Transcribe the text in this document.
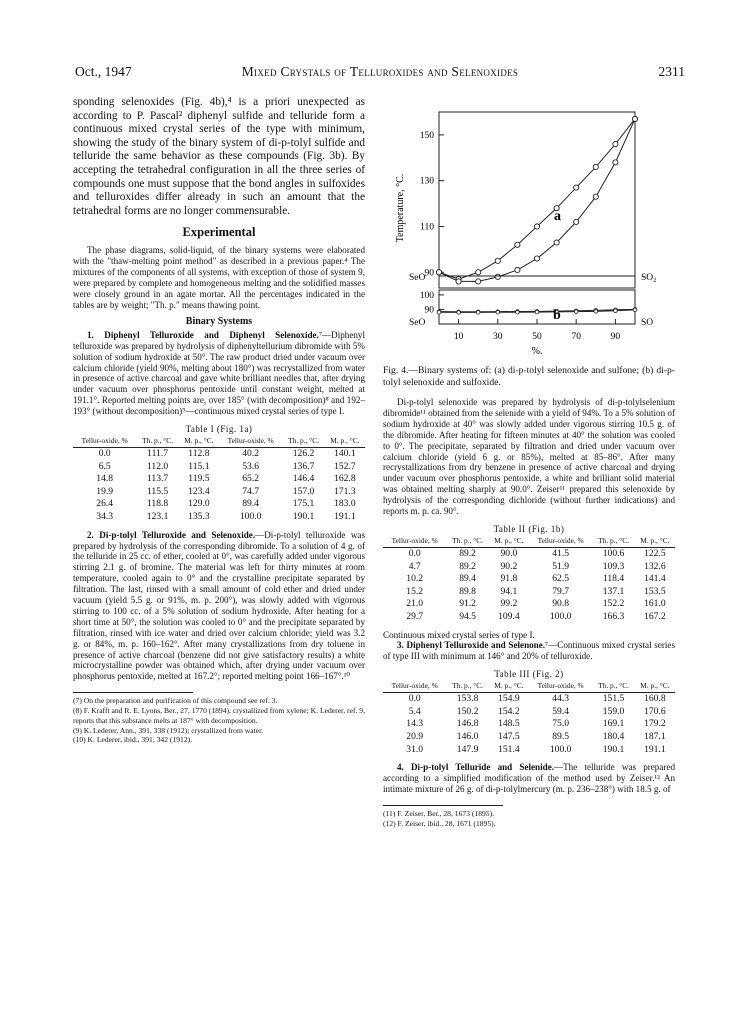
Oct., 1947	Mixed Crystals of Telluroxides and Selenoxides	2311

sponding selenoxides (Fig. 4b),⁴ is a priori unexpected as according to P. Pascal² diphenyl sulfide and telluride form a continuous mixed crystal series of the type with minimum, showing the study of the binary system of di-p-tolyl sulfide and telluride the same behavior as these compounds (Fig. 3b). By accepting the tetrahedral configuration in all the three series of compounds one must suppose that the bond angles in sulfoxides and telluroxides differ already in such an amount that the tetrahedral forms are no longer commensurable.

Experimental

The phase diagrams, solid-liquid, of the binary systems were elaborated with the "thaw-melting point method" as described in a previous paper.⁴ The mixtures of the components of all systems, with exception of those of system 9, were prepared by complete and homogeneous melting and the solidified masses were closely ground in an agate mortar. All the percentages indicated in the tables are by weight; "Th. p." means thawing point.

Binary Systems

1. Diphenyl Telluroxide and Diphenyl Selenoxide.⁷—Diphenyl telluroxide was prepared by hydrolysis of diphenyltellurium dibromide with 5% solution of sodium hydroxide at 50°. The raw product dried under vacuum over calcium chloride (yield 90%, melting about 180°) was recrystallized from water in presence of active charcoal and gave white brilliant needles that, after drying under vacuum over phosphorus pentoxide until constant weight, melted at 191.1°. Reported melting points are, over 185° (with decomposition)⁸ and 192–193° (without decomposition)⁹—continuous mixed crystal series of type I.

Table I (Fig. 1a)
Tellur-oxide, %	Th. p., °C.	M. p., °C.	Tellur-oxide, %	Th. p., °C.	M. p., °C.
0.0	111.7	112.8	40.2	126.2	140.1
6.5	112.0	115.1	53.6	136.7	152.7
14.8	113.7	119.5	65.2	146.4	162.8
19.9	115.5	123.4	74.7	157.0	171.3
26.4	118.8	129.0	89.4	175.1	183.0
34.3	123.1	135.3	100.0	190.1	191.1

2. Di-p-tolyl Telluroxide and Selenoxide.—Di-p-tolyl telluroxide was prepared by hydrolysis of the corresponding dibromide. To a solution of 4 g. of the telluride in 25 cc. of ether, cooled at 0°, was carefully added under vigorous stirring 2.1 g. of bromine. The material was left for thirty minutes at room temperature, cooled again to 0° and the crystalline precipitate separated by filtration. The last, rinsed with a small amount of cold ether and dried under vacuum (yield 5.5 g. or 91%, m. p. 200°), was slowly added with vigorous stirring to 100 cc. of a 5% solution of sodium hydroxide. After heating for a short time at 50°, the solution was cooled to 0° and the precipitate separated by filtration, rinsed with ice water and dried over calcium chloride; yield was 3.2 g. or 84%, m. p. 160–162°. After many crystallizations from dry toluene in presence of active charcoal (benzene did not give satisfactory results) a white microcrystalline powder was obtained which, after drying under vacuum over phosphorus pentoxide, melted at 167.2°; reported melting point 166–167°.¹⁰

(7) On the preparation and purification of this compound see ref. 3.
(8) F. Krafft and R. E. Lyons, Ber., 27, 1770 (1894), crystallized from xylene; K. Lederer, ref. 9, reports that this substance melts at 187° with decomposition.
(9) K. Lederer, Ann., 391, 338 (1912); crystallized from water.
(10) K. Lederer, ibid., 391, 342 (1912).
Temperature, °C.
150
130
110
90
100
90
10	30	50	70	90
SeO
SeO
SO₂
SO
a
b
%.

Fig. 4.—Binary systems of: (a) di-p-tolyl selenoxide and sulfone; (b) di-p-tolyl selenoxide and sulfoxide.

Di-p-tolyl selenoxide was prepared by hydrolysis of di-p-tolylselenium dibromide¹¹ obtained from the selenide with a yield of 94%. To a 5% solution of sodium hydroxide at 40° was slowly added under vigorous stirring 10.5 g. of the dibromide. After heating for fifteen minutes at 40° the solution was cooled to 0°. The precipitate, separated by filtration and dried under vacuum over calcium chloride (yield 6 g. or 85%), melted at 85–86°. After many recrystallizations from dry benzene in presence of active charcoal and drying under vacuum over phosphorus pentoxide, a white and brilliant solid material was obtained melting sharply at 90.0°. Zeiser¹¹ prepared this selenoxide by hydrolysis of the corresponding dichloride (without further indications) and reports m. p. ca. 90°.

Table II (Fig. 1b)
Tellur-oxide, %	Th. p., °C.	M. p., °C.	Tellur-oxide, %	Th. p., °C.	M. p., °C.
0.0	89.2	90.0	41.5	100.6	122.5
4.7	89.2	90.2	51.9	109.3	132.6
10.2	89.4	91.8	62.5	118.4	141.4
15.2	89.8	94.1	79.7	137.1	153.5
21.0	91.2	99.2	90.8	152.2	161.0
29.7	94.5	109.4	100.0	166.3	167.2

Continuous mixed crystal series of type I.

3. Diphenyl Telluroxide and Selenone.⁷—Continuous mixed crystal series of type III with minimum at 146° and 20% of telluroxide.

Table III (Fig. 2)
Tellur-oxide, %	Th. p., °C.	M. p., °C.	Tellur-oxide, %	Th. p., °C.	M. p., °C.
0.0	153.8	154.9	44.3	151.5	160.8
5.4	150.2	154.2	59.4	159.0	170.6
14.3	146.8	148.5	75.0	169.1	179.2
20.9	146.0	147.5	89.5	180.4	187.1
31.0	147.9	151.4	100.0	190.1	191.1

4. Di-p-tolyl Telluride and Selenide.—The telluride was prepared according to a simplified modification of the method used by Zeiser.¹² An intimate mixture of 26 g. of di-p-tolylmercury (m. p. 236–238°) with 18.5 g. of

(11) F. Zeiser, Ber., 28, 1673 (1895).
(12) F. Zeiser, ibid., 28, 1671 (1895).
